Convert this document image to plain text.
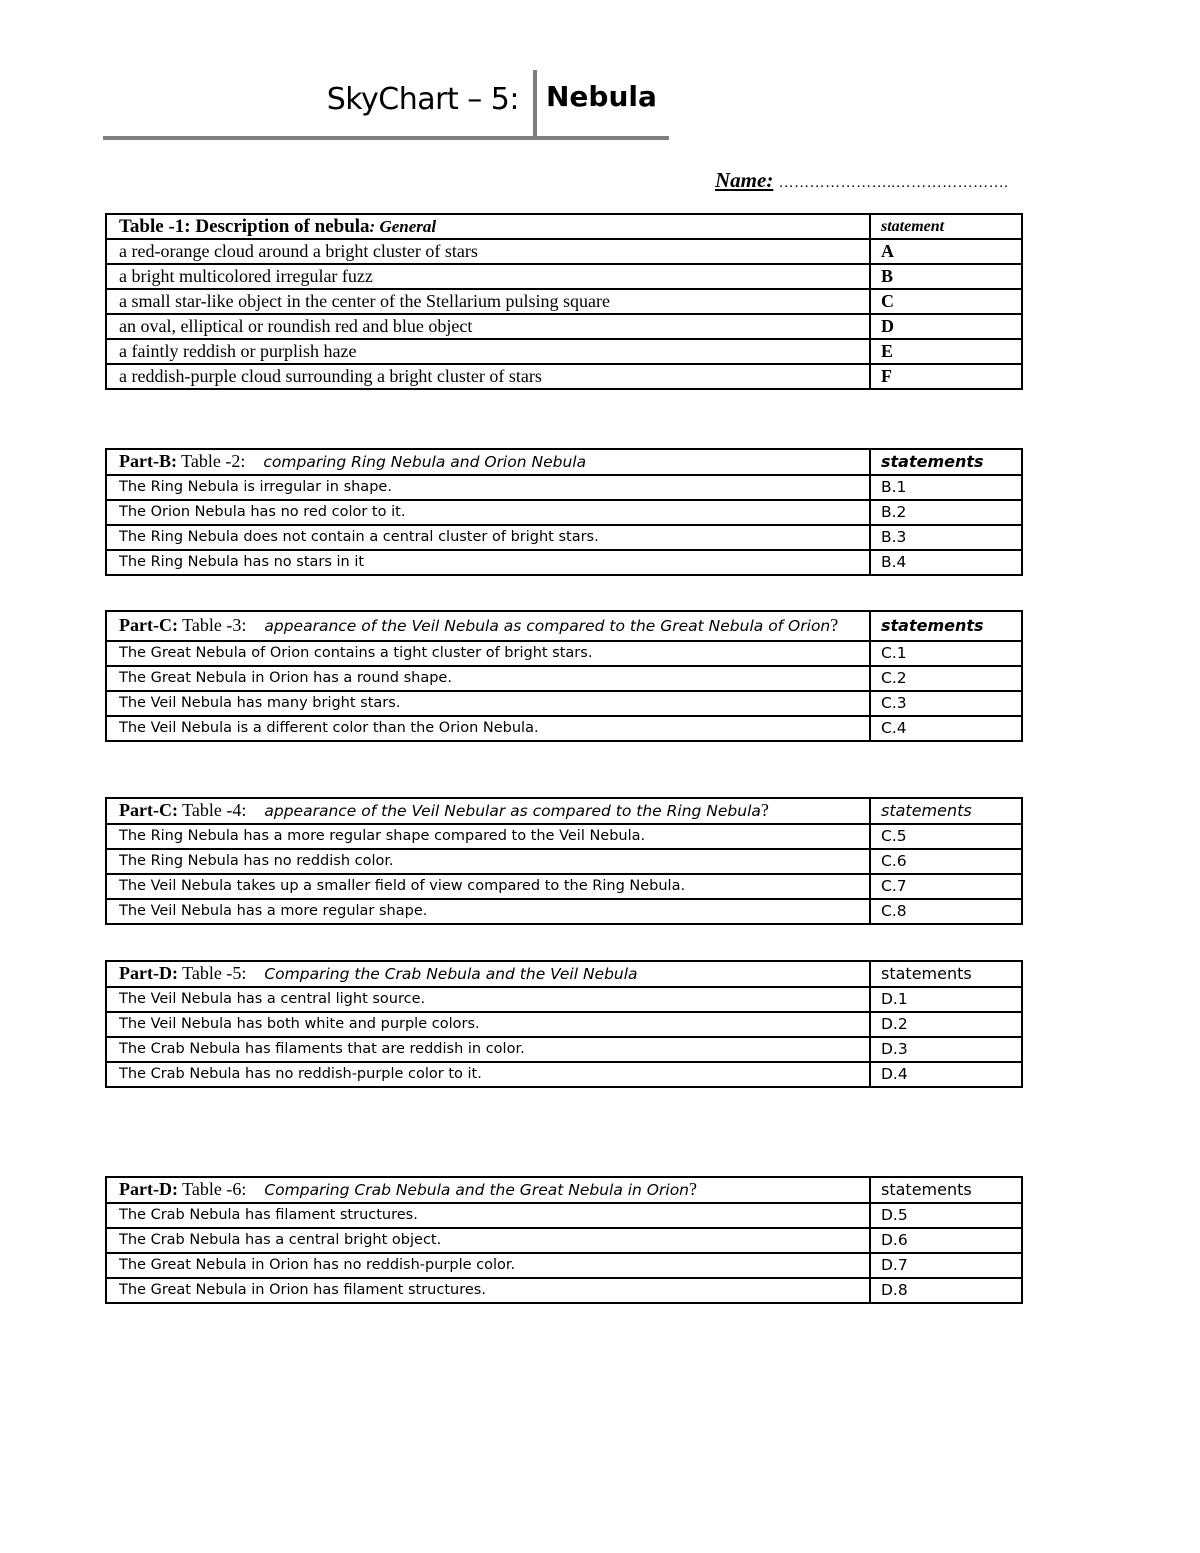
SkyChart – 5: Nebula
Name: …………………..………………….
Table -1: Description of nebula: General	statement
a red-orange cloud around a bright cluster of stars	A
a bright multicolored irregular fuzz	B
a small star-like object in the center of the Stellarium pulsing square	C
an oval, elliptical or roundish red and blue object	D
a faintly reddish or purplish haze	E
a reddish-purple cloud surrounding a bright cluster of stars	F
Part-B: Table -2: comparing Ring Nebula and Orion Nebula	statements
The Ring Nebula is irregular in shape.	B.1
The Orion Nebula has no red color to it.	B.2
The Ring Nebula does not contain a central cluster of bright stars.	B.3
The Ring Nebula has no stars in it	B.4
Part-C: Table -3: appearance of the Veil Nebula as compared to the Great Nebula of Orion?	statements
The Great Nebula of Orion contains a tight cluster of bright stars.	C.1
The Great Nebula in Orion has a round shape.	C.2
The Veil Nebula has many bright stars.	C.3
The Veil Nebula is a different color than the Orion Nebula.	C.4
Part-C: Table -4: appearance of the Veil Nebular as compared to the Ring Nebula?	statements
The Ring Nebula has a more regular shape compared to the Veil Nebula.	C.5
The Ring Nebula has no reddish color.	C.6
The Veil Nebula takes up a smaller field of view compared to the Ring Nebula.	C.7
The Veil Nebula has a more regular shape.	C.8
Part-D: Table -5: Comparing the Crab Nebula and the Veil Nebula	statements
The Veil Nebula has a central light source.	D.1
The Veil Nebula has both white and purple colors.	D.2
The Crab Nebula has filaments that are reddish in color.	D.3
The Crab Nebula has no reddish-purple color to it.	D.4
Part-D: Table -6: Comparing Crab Nebula and the Great Nebula in Orion?	statements
The Crab Nebula has filament structures.	D.5
The Crab Nebula has a central bright object.	D.6
The Great Nebula in Orion has no reddish-purple color.	D.7
The Great Nebula in Orion has filament structures.	D.8
